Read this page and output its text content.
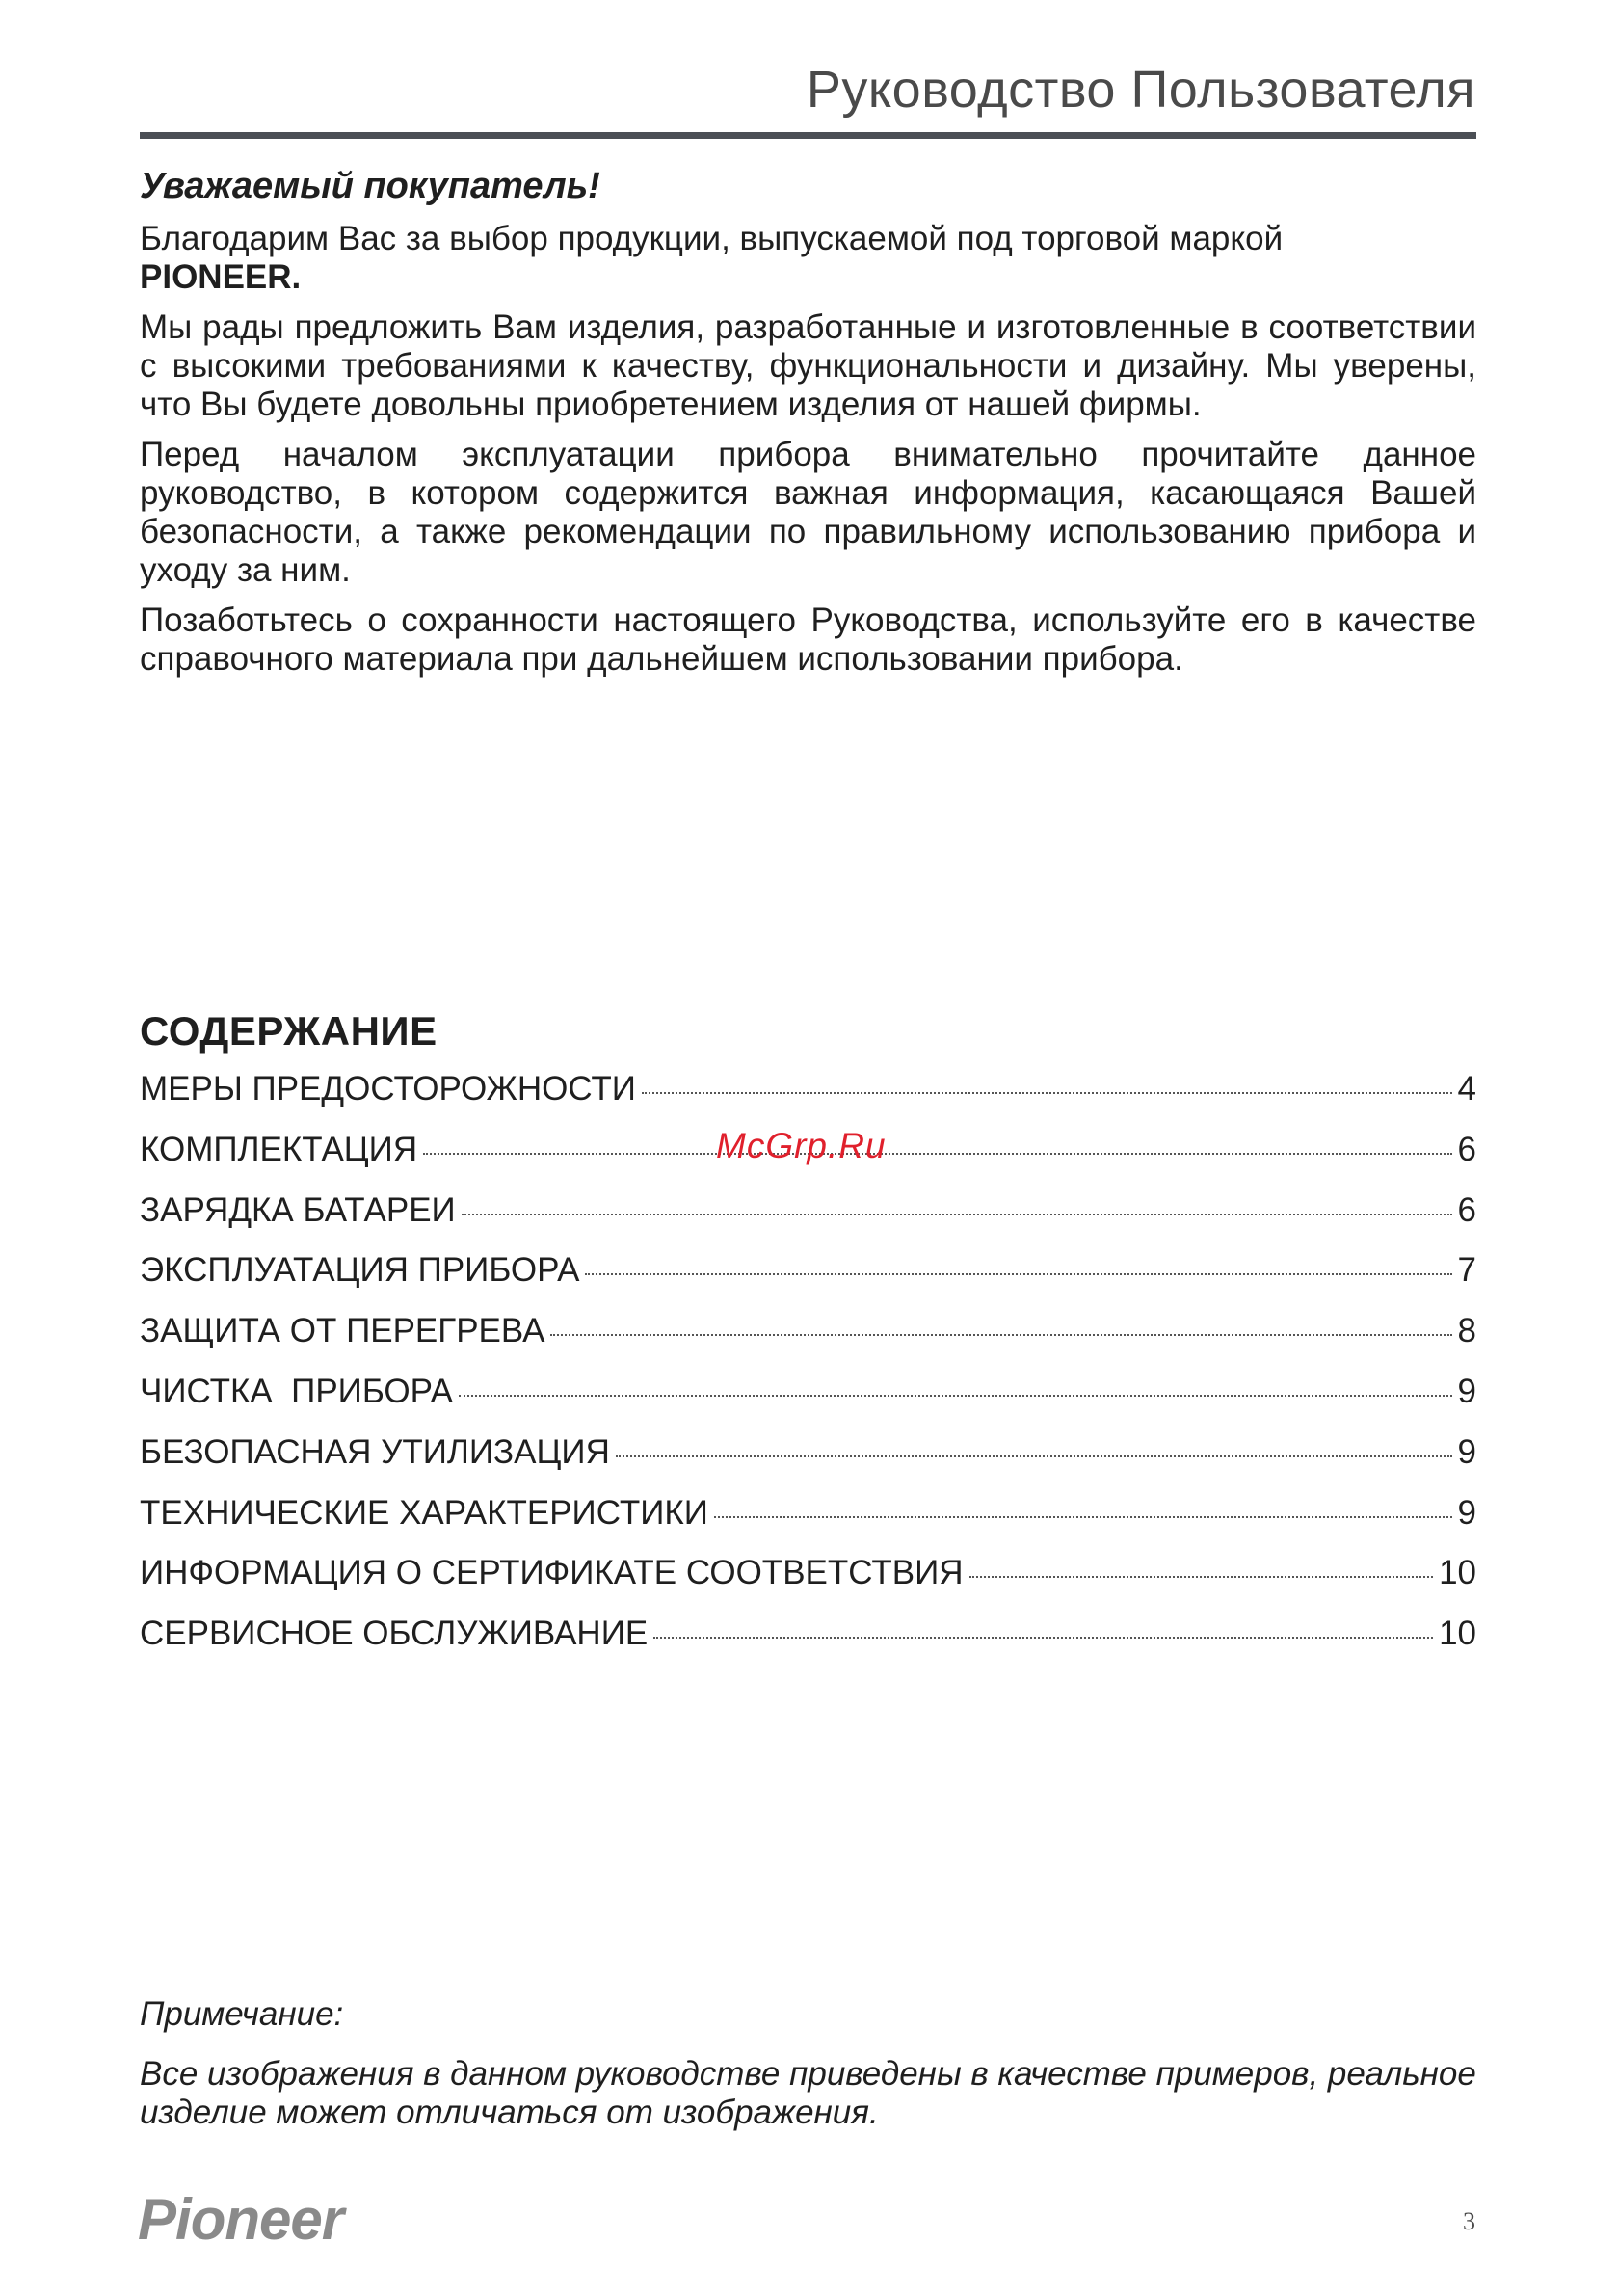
Руководство Пользователя
Уважаемый покупатель!

Благодарим Вас за выбор продукции, выпускаемой под торговой маркой
PIONEER.

Мы рады предложить Вам изделия, разработанные и изготовленные в соответствии с высокими требованиями к качеству, функциональности и дизайну. Мы уверены, что Вы будете довольны приобретением изделия от нашей фирмы.

Перед началом эксплуатации прибора внимательно прочитайте данное руководство, в котором содержится важная информация, касающаяся Вашей безопасности, а также рекомендации по правильному использованию прибора и уходу за ним.

Позаботьтесь о сохранности настоящего Руководства, используйте его в качестве справочного материала при дальнейшем использовании прибора.

СОДЕРЖАНИЕ
МЕРЫ ПРЕДОСТОРОЖНОСТИ	4
КОМПЛЕКТАЦИЯ	6
ЗАРЯДКА БАТАРЕИ	6
ЭКСПЛУАТАЦИЯ ПРИБОРА	7
ЗАЩИТА ОТ ПЕРЕГРЕВА	8
ЧИСТКА  ПРИБОРА	9
БЕЗОПАСНАЯ УТИЛИЗАЦИЯ	9
ТЕХНИЧЕСКИЕ ХАРАКТЕРИСТИКИ	9
ИНФОРМАЦИЯ О СЕРТИФИКАТЕ СООТВЕТСТВИЯ	10
СЕРВИСНОЕ ОБСЛУЖИВАНИЕ	10
McGrp.Ru
Примечание:
Все изображения в данном руководстве приведены в качестве примеров, реальное изделие может отличаться от изображения.
Pioneer	3
